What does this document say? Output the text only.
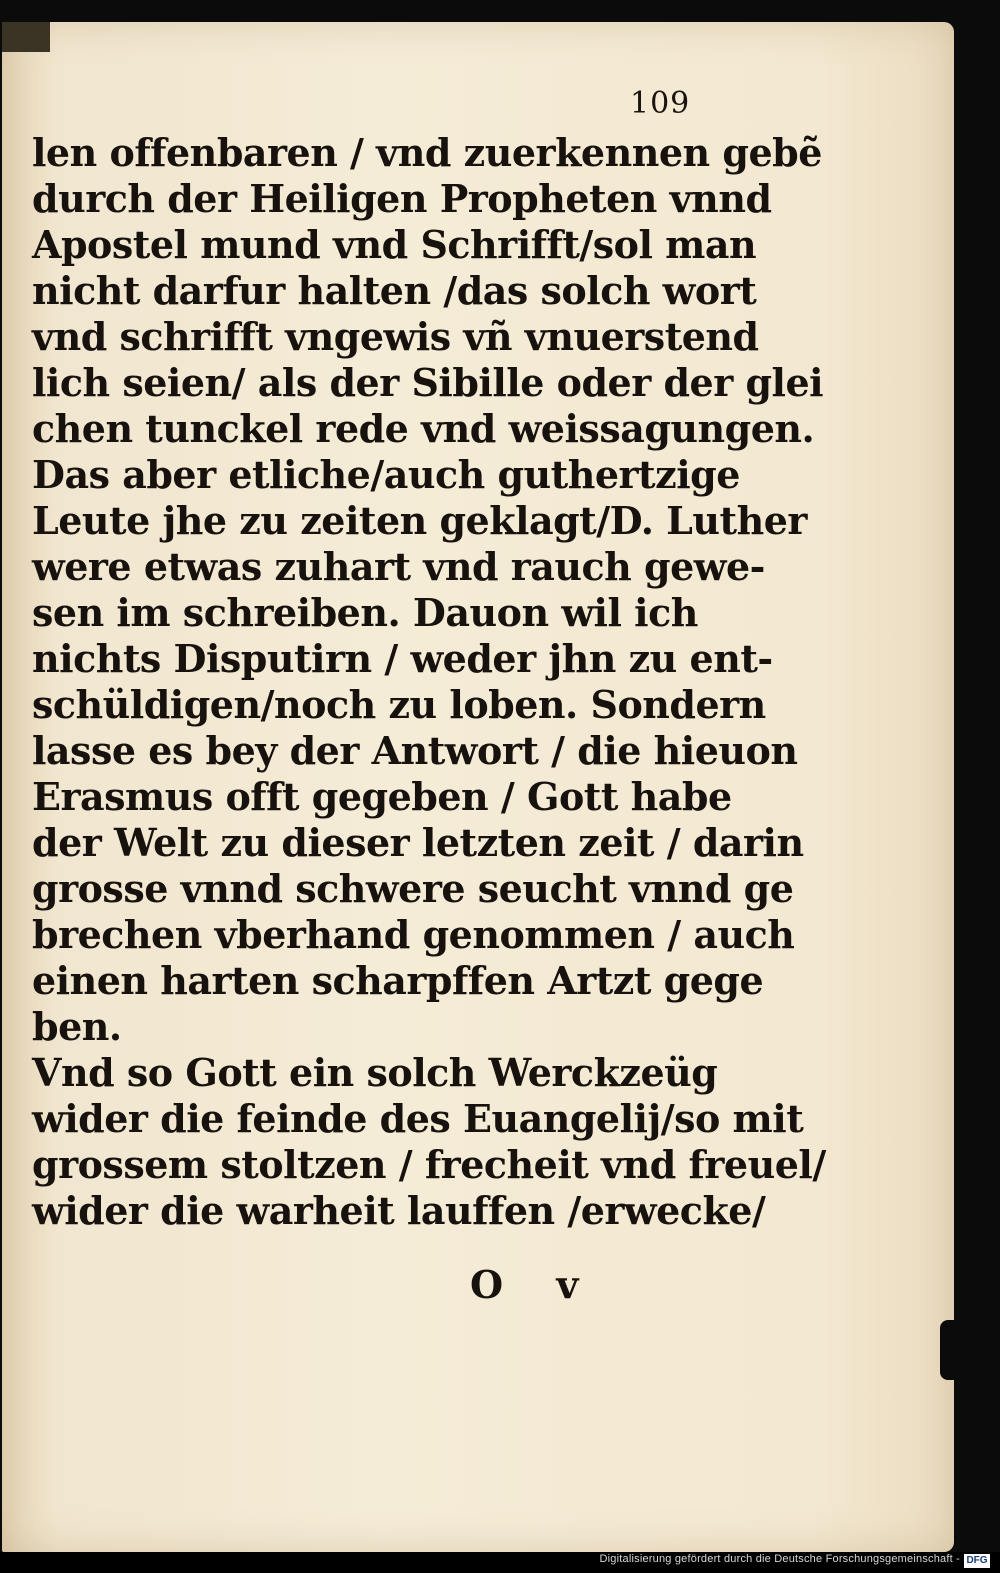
109
len offenbaren / vnd zuerkennen gebẽ
durch der Heiligen Propheten vnnd
Apostel mund vnd Schrifft/sol man
nicht darfur halten /das solch wort
vnd schrifft vngewis vñ vnuerstend
lich seien/ als der Sibille oder der glei
chen tunckel rede vnd weissagungen.
Das aber etliche/auch guthertzige
Leute jhe zu zeiten geklagt/D. Luther
were etwas zuhart vnd rauch gewe-
sen im schreiben. Dauon wil ich
nichts Disputirn / weder jhn zu ent-
schüldigen/noch zu loben. Sondern
lasse es bey der Antwort / die hieuon
Erasmus offt gegeben / Gott habe
der Welt zu dieser letzten zeit / darin
grosse vnnd schwere seucht vnnd ge
brechen vberhand genommen / auch
einen harten scharpffen Artzt gege
ben.
Vnd so Gott ein solch Werckzeüg
wider die feinde des Euangelij/so mit
grossem stoltzen / frecheit vnd freuel/
wider die warheit lauffen /erwecke/
O v
Digitalisierung gefördert durch die Deutsche Forschungsgemeinschaft - DFG
